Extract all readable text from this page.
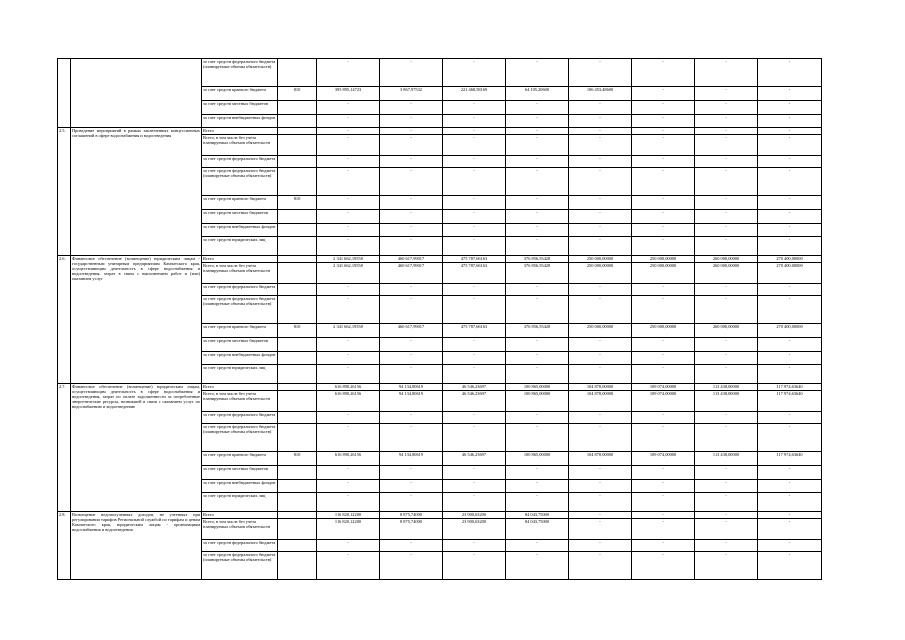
		за счет средств федерального бюджета (планируемые объемы обязательств)		-	-	-	-	-	-	-	-
		за счет средств краевого бюджета	810	395 895,14723	3 867,97532	221 468,58169	64 105,20600	106 453,48600	-	-	-
		за счет средств местных бюджетов		-	-	-	-	-	-	-	-
		за счет средств внебюджетных фондов		-	-	-	-	-	-	-	-
2.5.	Проведение мероприятий в рамках заключенных концессионных соглашений в сфере водоснабжения и водоотведения	Всего		-	-	-	-	-	-	-	-
		Всего, в том числе без учета планируемых объемов обязательств		-	-	-	-	-	-	-	-
		за счет средств федерального бюджета		-	-	-	-	-	-	-	-
		за счет средств федерального бюджета (планируемые объемы обязательств)		-	-	-	-	-	-	-	-
		за счет средств краевого бюджета	810	-	-	-	-	-	-	-	-
		за счет средств местных бюджетов		-	-	-	-	-	-	-	-
		за счет средств внебюджетных фондов		-	-	-	-	-	-	-	-
		за счет средств юридических лиц		-	-	-	-	-	-	-	-
2.6.	Финансовое обеспечение (возмещение) юридическим лицам - государственным унитарным предприятиям Камчатского края, осуществляющим деятельность в сфере водоснабжения и водоотведения, затрат в связи с выполнением работ и (или) оказанием услуг	Всего		2 341 662,19558	460 617,99017	475 787,66163	376 856,55428	250 000,00000	250 000,00000	260 000,00000	270 400,00000
		Всего, в том числе без учета планируемых объемов обязательств		2 341 662,19558	460 617,99017	475 787,66163	376 856,55428	250 000,00000	250 000,00000	260 000,00000	270 400,00000
		за счет средств федерального бюджета		-	-	-	-	-	-	-	-
		за счет средств федерального бюджета (планируемые объемы обязательств)		-	-	-	-	-	-	-	-
		за счет средств краевого бюджета	810	2 341 662,19558	460 617,99017	475 787,66163	376 856,55428	250 000,00000	250 000,00000	260 000,00000	270 400,00000
		за счет средств местных бюджетов		-	-	-	-	-	-	-	-
		за счет средств внебюджетных фондов		-	-	-	-	-	-	-	-
		за счет средств юридических лиц		-	-	-	-	-	-	-	-
2.7.	Финансовое обеспечение (возмещение) юридическим лицам, осуществляющим деятельность в сфере водоснабжения и водоотведения, затрат по оплате задолженности за потребленные энергетические ресурсы, возникшей в связи с оказанием услуг по водоснабжению и водоотведению	Всего		616 890,26156	94 134,80619	46 546,23697	100 865,00000	104 878,00000	109 074,00000	113 438,00000	117 974,63640
		Всего, в том числе без учета планируемых объемов обязательств		616 890,26156	94 134,80619	46 546,23697	100 865,00000	104 878,00000	109 074,00000	113 438,00000	117 974,63640
		за счет средств федерального бюджета		-	-	-	-	-	-	-	-
		за счет средств федерального бюджета (планируемые объемы обязательств)		-	-	-	-	-	-	-	-
		за счет средств краевого бюджета	810	616 890,26156	94 134,80619	46 546,23697	100 865,00000	104 878,00000	109 074,00000	113 438,00000	117 974,63640
		за счет средств местных бюджетов		-	-	-	-	-	-	-	-
		за счет средств внебюджетных фондов		-	-	-	-	-	-	-	-
		за счет средств юридических лиц		-	-	-	-	-	-	-	-
2.8.	Возмещение недополученных доходов, не учтенных при регулировании тарифов Региональной службой по тарифам и ценам Камчатского края, юридическим лицам - организациям водоснабжения и водоотведения	Всего		116 820,12200	8 875,74000	23 900,63200	84 043,75000	-	-	-	-
		Всего, в том числе без учета планируемых объемов обязательств		116 820,12200	8 875,74000	23 900,63200	84 043,75000	-	-	-	-
		за счет средств федерального бюджета		-	-	-	-	-	-	-	-
		за счет средств федерального бюджета (планируемые объемы обязательств)		-	-	-	-	-	-	-	-
